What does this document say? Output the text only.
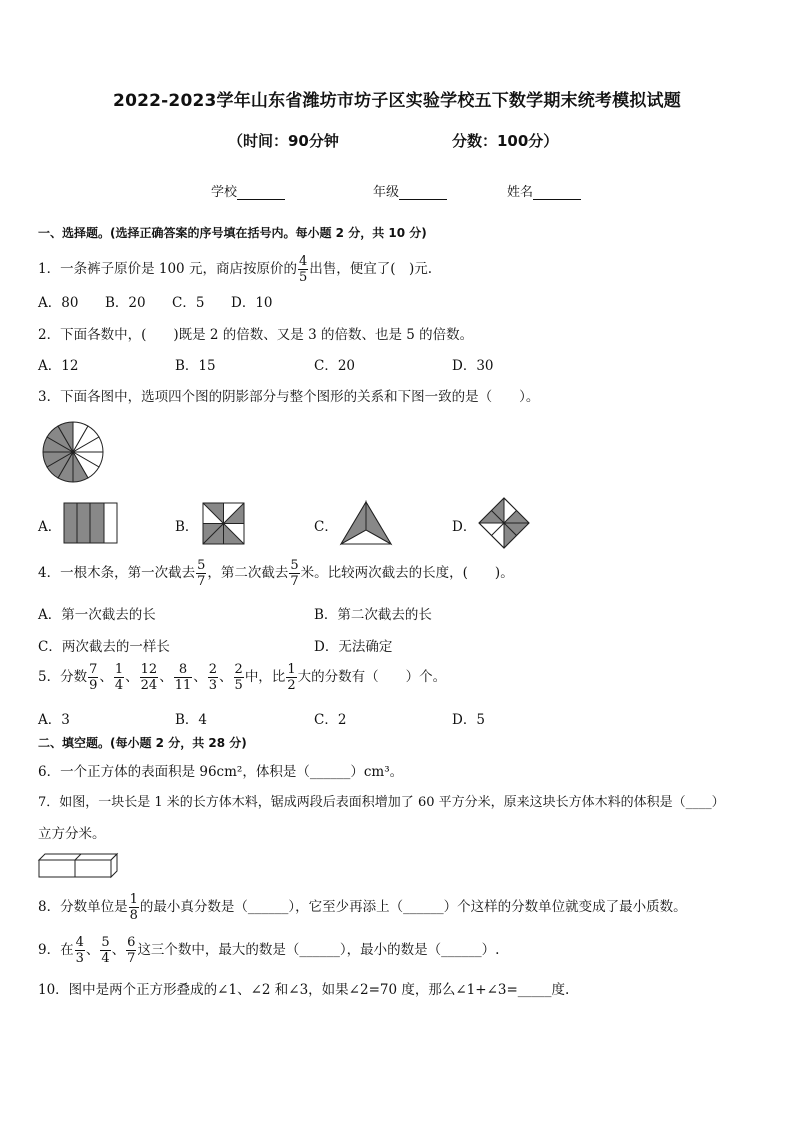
2022-2023学年山东省潍坊市坊子区实验学校五下数学期末统考模拟试题
（时间：90分钟	分数：100分）
学校	年级	姓名
一、选择题。(选择正确答案的序号填在括号内。每小题 2 分，共 10 分)
1．一条裤子原价是 100 元，商店按原价的 $\frac{4}{5}$ 出售，便宜了(　)元.
A．80 B．20 C．5 D．10
2．下面各数中，(　　)既是 2 的倍数、又是 3 的倍数、也是 5 的倍数。
A．12	B．15	C．20	D．30
3．下面各图中，选项四个图的阴影部分与整个图形的关系和下图一致的是（　　）。
A．	B．	C．	D．
4．一根木条，第一次截去 $\frac{5}{7}$ ，第二次截去 $\frac{5}{7}$ 米。比较两次截去的长度，(　　)。
A．第一次截去的长	B．第二次截去的长
C．两次截去的一样长	D．无法确定
5．分数 $\frac{7}{9}$ 、 $\frac{1}{4}$ 、 $\frac{12}{24}$ 、 $\frac{8}{11}$ 、 $\frac{2}{3}$ 、 $\frac{2}{5}$ 中，比 $\frac{1}{2}$ 大的分数有（　　）个。
A．3	B．4	C．2	D．5
二、填空题。(每小题 2 分，共 28 分)
6．一个正方体的表面积是 96cm²，体积是（______）cm³。
7．如图，一块长是 1 米的长方体木料，锯成两段后表面积增加了 60 平方分米，原来这块长方体木料的体积是（____）
立方分米。
8．分数单位是 $\frac{1}{8}$ 的最小真分数是（______），它至少再添上（______）个这样的分数单位就变成了最小质数。
9．在 $\frac{4}{3}$ 、 $\frac{5}{4}$ 、 $\frac{6}{7}$ 这三个数中，最大的数是（______），最小的数是（______）.
10．图中是两个正方形叠成的∠1、∠2 和∠3，如果∠2=70 度，那么∠1+∠3=_____度.
